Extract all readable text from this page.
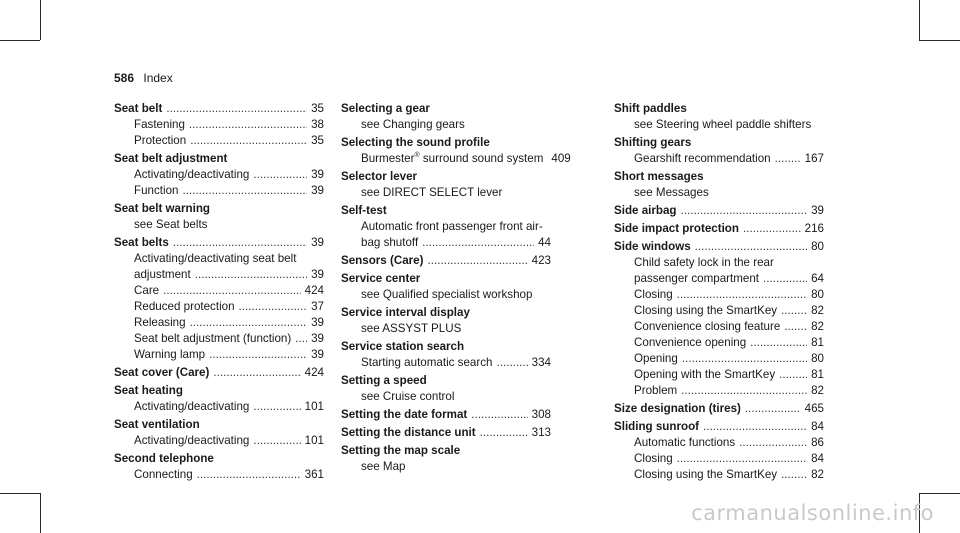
586 Index
Seat belt . . .	35
Fastening . . .	38
Protection . . .	35
Seat belt adjustment
Activating/deactivating . . .	39
Function . . .	39
Seat belt warning
see Seat belts
Seat belts . . .	39
Activating/deactivating seat belt
adjustment . . .	39
Care . . .	424
Reduced protection . . .	37
Releasing . . .	39
Seat belt adjustment (function) . . . 39
Warning lamp . . .	39
Seat cover (Care) . . .	424
Seat heating
Activating/deactivating . . .	101
Seat ventilation
Activating/deactivating . . .	101
Second telephone
Connecting . . .	361
Selecting a gear
see Changing gears
Selecting the sound profile
Burmester® surround sound system 409
Selector lever
see DIRECT SELECT lever
Self-test
Automatic front passenger front air-
bag shutoff . . .	44
Sensors (Care) . . .	423
Service center
see Qualified specialist workshop
Service interval display
see ASSYST PLUS
Service station search
Starting automatic search . . .	334
Setting a speed
see Cruise control
Setting the date format . . .	308
Setting the distance unit . . .	313
Setting the map scale
see Map
Shift paddles
see Steering wheel paddle shifters
Shifting gears
Gearshift recommendation . . .	167
Short messages
see Messages
Side airbag . . .	39
Side impact protection . . .	216
Side windows . . .	80
Child safety lock in the rear
passenger compartment . . .	64
Closing . . .	80
Closing using the SmartKey . . .	82
Convenience closing feature . . .	82
Convenience opening . . .	81
Opening . . .	80
Opening with the SmartKey . . .	81
Problem . . .	82
Size designation (tires) . . .	465
Sliding sunroof . . .	84
Automatic functions . . .	86
Closing . . .	84
Closing using the SmartKey . . .	82
carmanualsonline.info
